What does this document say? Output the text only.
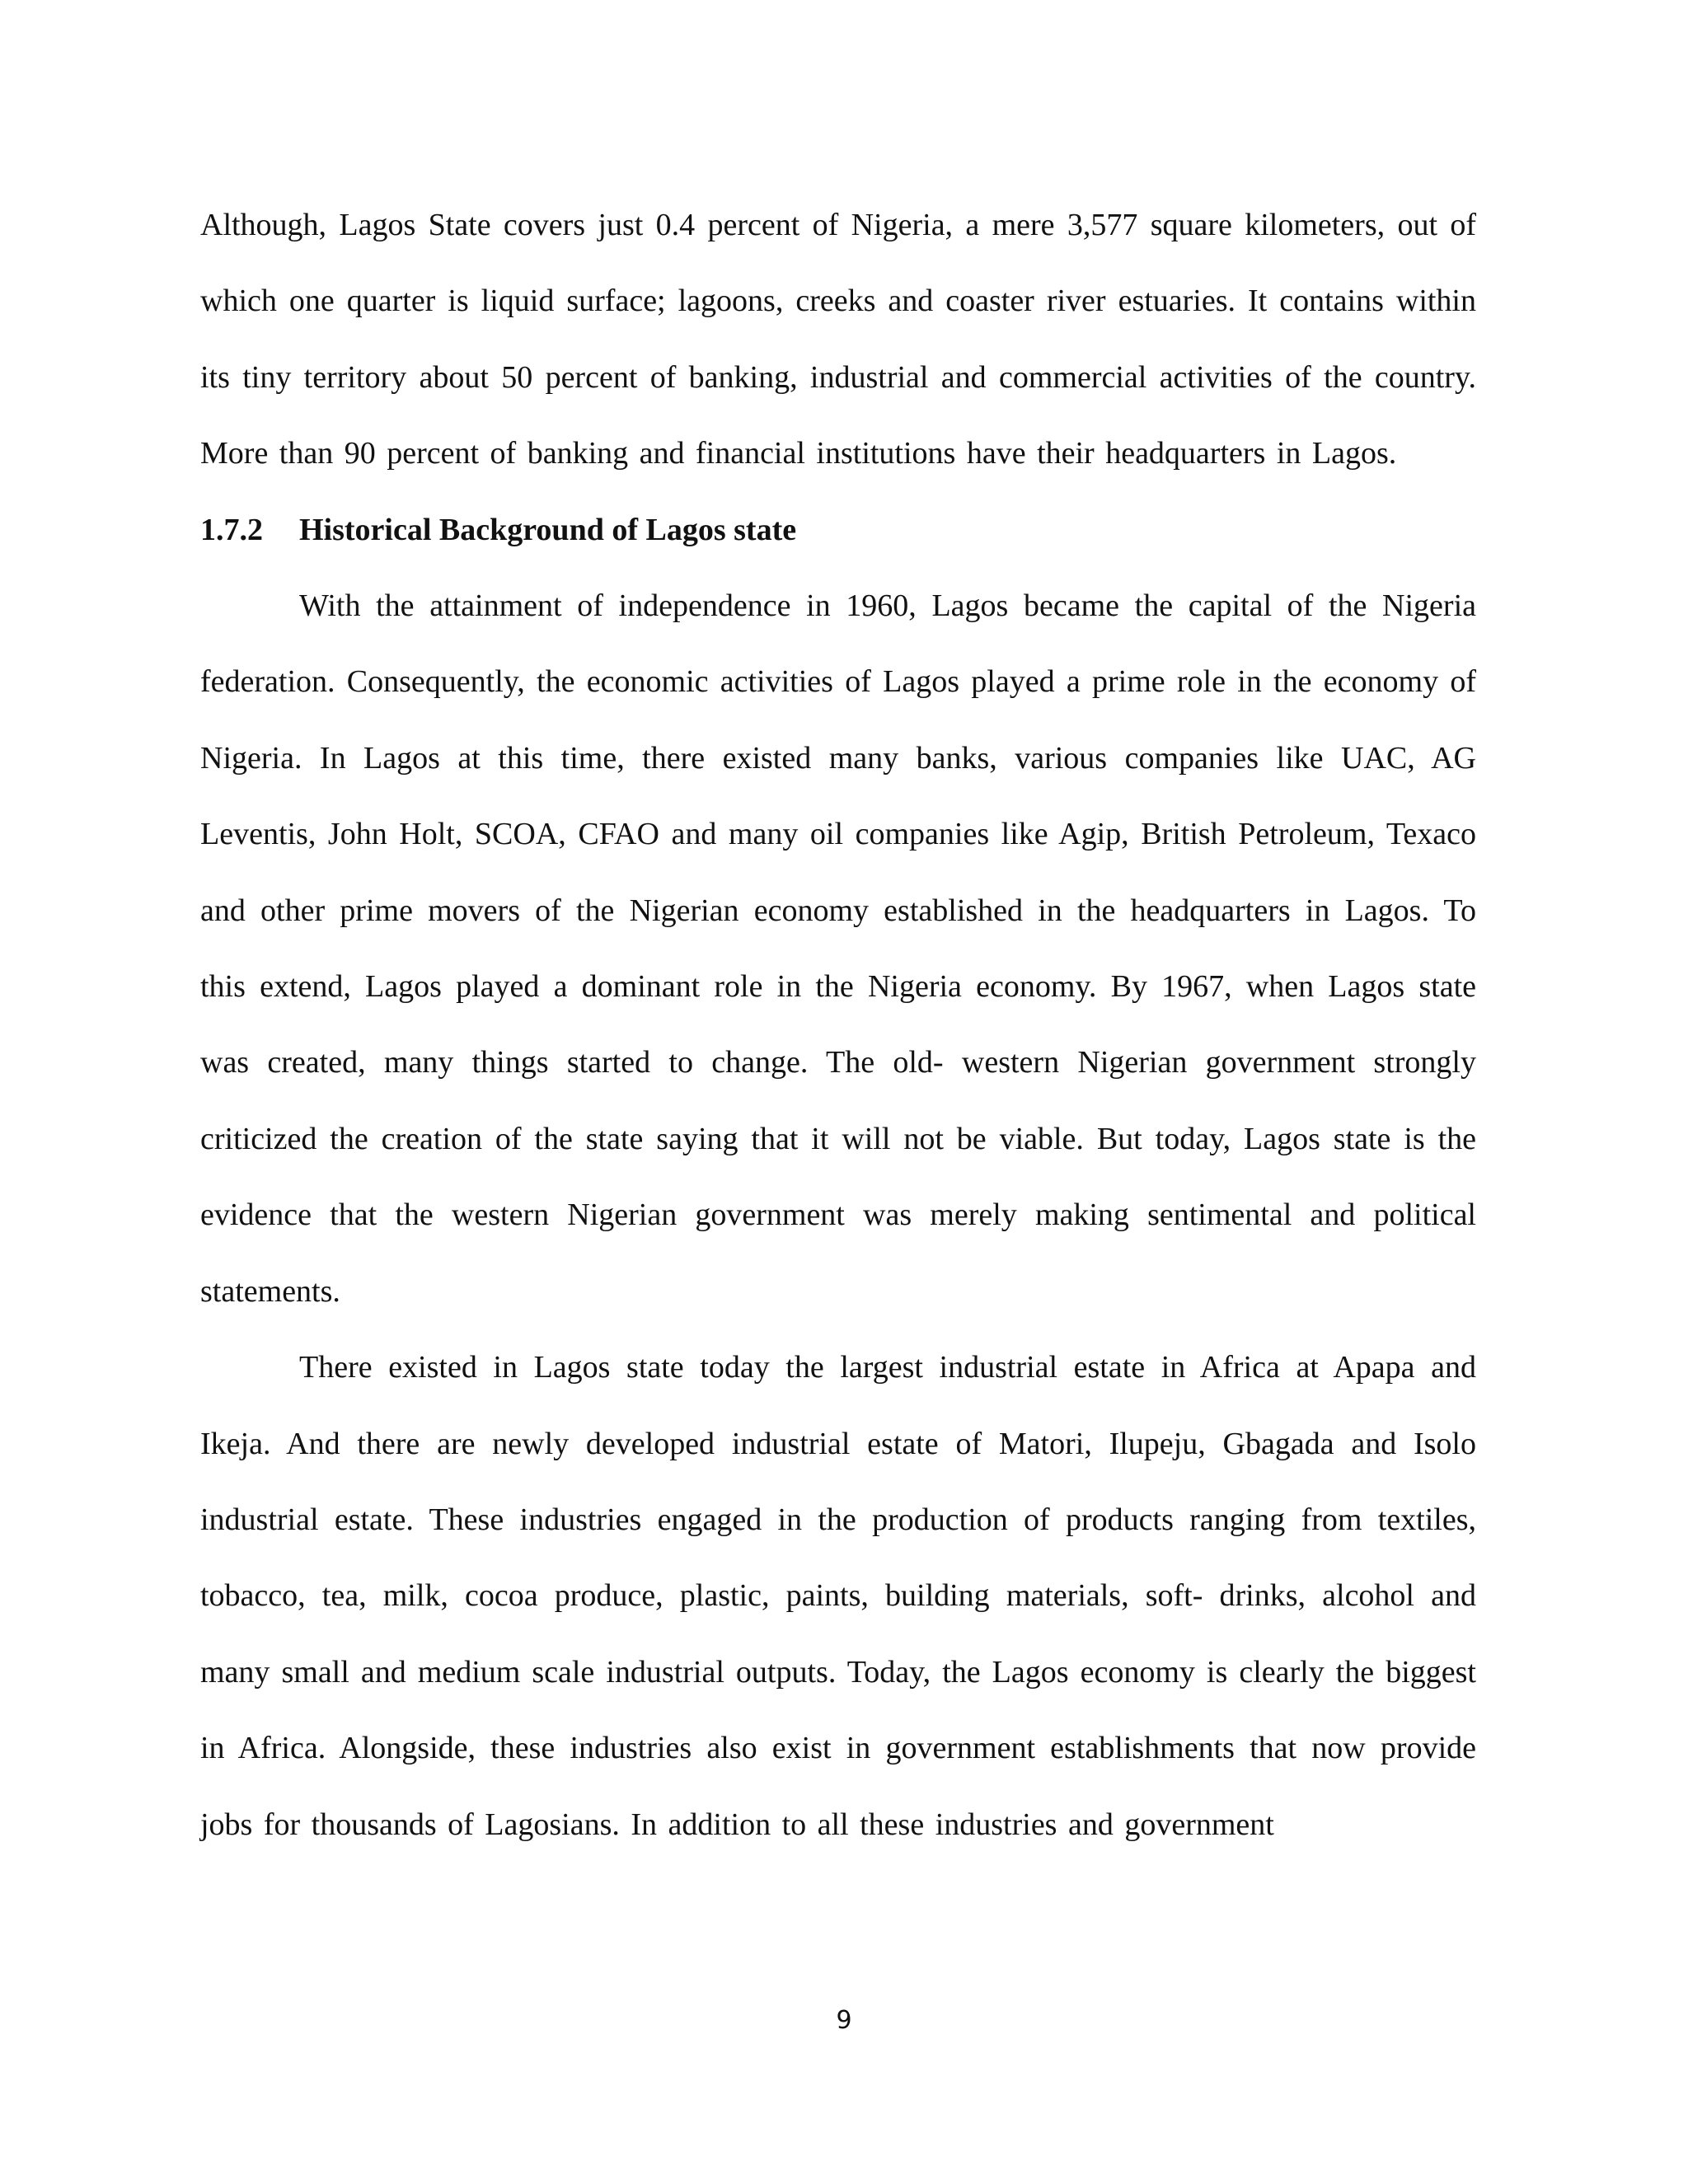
Although, Lagos State covers just 0.4 percent of Nigeria, a mere 3,577 square kilometers, out of which one quarter is liquid surface; lagoons, creeks and coaster river estuaries. It contains within its tiny territory about 50 percent of banking, industrial and commercial activities of the country. More than 90 percent of banking and financial institutions have their headquarters in Lagos.

1.7.2 Historical Background of Lagos state

With the attainment of independence in 1960, Lagos became the capital of the Nigeria federation. Consequently, the economic activities of Lagos played a prime role in the economy of Nigeria. In Lagos at this time, there existed many banks, various companies like UAC, AG Leventis, John Holt, SCOA, CFAO and many oil companies like Agip, British Petroleum, Texaco and other prime movers of the Nigerian economy established in the headquarters in Lagos. To this extend, Lagos played a dominant role in the Nigeria economy. By 1967, when Lagos state was created, many things started to change. The old- western Nigerian government strongly criticized the creation of the state saying that it will not be viable. But today, Lagos state is the evidence that the western Nigerian government was merely making sentimental and political statements.

There existed in Lagos state today the largest industrial estate in Africa at Apapa and Ikeja. And there are newly developed industrial estate of Matori, Ilupeju, Gbagada and Isolo industrial estate. These industries engaged in the production of products ranging from textiles, tobacco, tea, milk, cocoa produce, plastic, paints, building materials, soft- drinks, alcohol and many small and medium scale industrial outputs. Today, the Lagos economy is clearly the biggest in Africa. Alongside, these industries also exist in government establishments that now provide jobs for thousands of Lagosians. In addition to all these industries and government

9
